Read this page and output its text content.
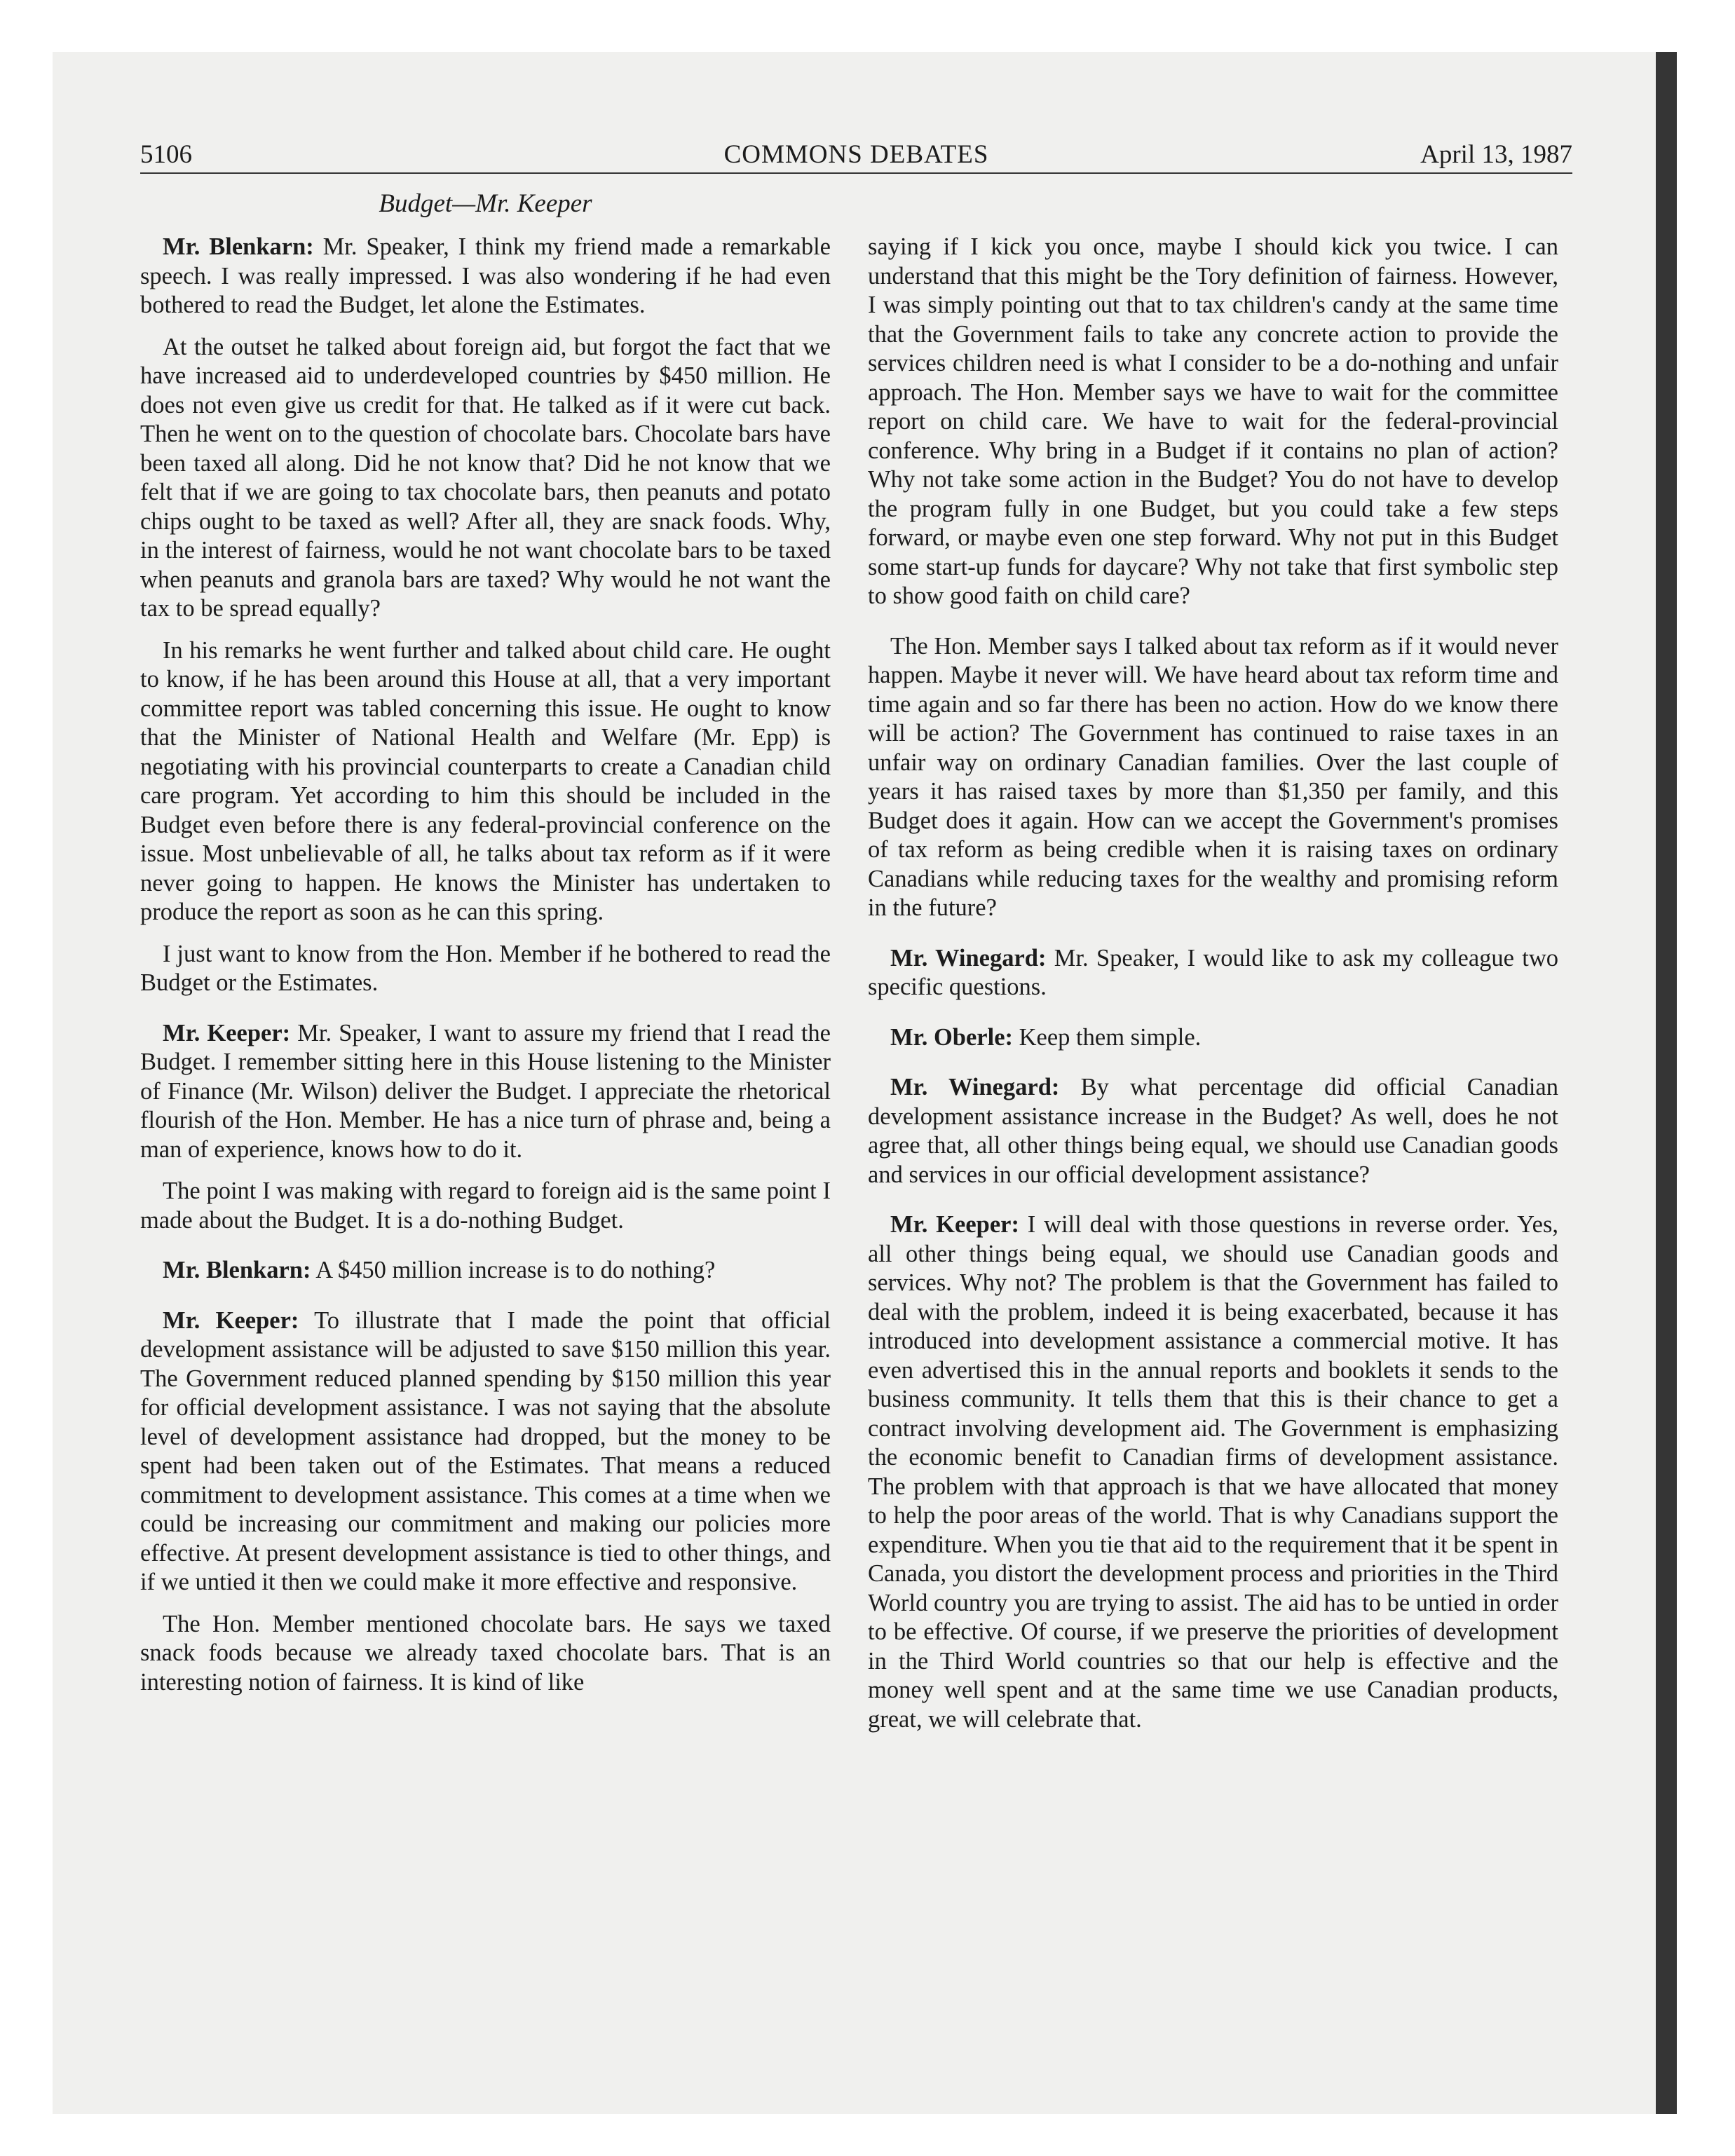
5106	COMMONS DEBATES	April 13, 1987
Budget—Mr. Keeper

Mr. Blenkarn: Mr. Speaker, I think my friend made a remarkable speech. I was really impressed. I was also wondering if he had even bothered to read the Budget, let alone the Estimates.

At the outset he talked about foreign aid, but forgot the fact that we have increased aid to underdeveloped countries by $450 million. He does not even give us credit for that. He talked as if it were cut back. Then he went on to the question of chocolate bars. Chocolate bars have been taxed all along. Did he not know that? Did he not know that we felt that if we are going to tax chocolate bars, then peanuts and potato chips ought to be taxed as well? After all, they are snack foods. Why, in the interest of fairness, would he not want chocolate bars to be taxed when peanuts and granola bars are taxed? Why would he not want the tax to be spread equally?

In his remarks he went further and talked about child care. He ought to know, if he has been around this House at all, that a very important committee report was tabled concerning this issue. He ought to know that the Minister of National Health and Welfare (Mr. Epp) is negotiating with his provincial counterparts to create a Canadian child care program. Yet according to him this should be included in the Budget even before there is any federal-provincial conference on the issue. Most unbelievable of all, he talks about tax reform as if it were never going to happen. He knows the Minister has undertaken to produce the report as soon as he can this spring.

I just want to know from the Hon. Member if he bothered to read the Budget or the Estimates.

Mr. Keeper: Mr. Speaker, I want to assure my friend that I read the Budget. I remember sitting here in this House listening to the Minister of Finance (Mr. Wilson) deliver the Budget. I appreciate the rhetorical flourish of the Hon. Member. He has a nice turn of phrase and, being a man of experience, knows how to do it.

The point I was making with regard to foreign aid is the same point I made about the Budget. It is a do-nothing Budget.

Mr. Blenkarn: A $450 million increase is to do nothing?

Mr. Keeper: To illustrate that I made the point that official development assistance will be adjusted to save $150 million this year. The Government reduced planned spending by $150 million this year for official development assistance. I was not saying that the absolute level of development assistance had dropped, but the money to be spent had been taken out of the Estimates. That means a reduced commitment to development assistance. This comes at a time when we could be increasing our commitment and making our policies more effective. At present development assistance is tied to other things, and if we untied it then we could make it more effective and responsive.

The Hon. Member mentioned chocolate bars. He says we taxed snack foods because we already taxed chocolate bars. That is an interesting notion of fairness. It is kind of like

saying if I kick you once, maybe I should kick you twice. I can understand that this might be the Tory definition of fairness. However, I was simply pointing out that to tax children's candy at the same time that the Government fails to take any concrete action to provide the services children need is what I consider to be a do-nothing and unfair approach. The Hon. Member says we have to wait for the committee report on child care. We have to wait for the federal-provincial conference. Why bring in a Budget if it contains no plan of action? Why not take some action in the Budget? You do not have to develop the program fully in one Budget, but you could take a few steps forward, or maybe even one step forward. Why not put in this Budget some start-up funds for daycare? Why not take that first symbolic step to show good faith on child care?

The Hon. Member says I talked about tax reform as if it would never happen. Maybe it never will. We have heard about tax reform time and time again and so far there has been no action. How do we know there will be action? The Government has continued to raise taxes in an unfair way on ordinary Canadian families. Over the last couple of years it has raised taxes by more than $1,350 per family, and this Budget does it again. How can we accept the Government's promises of tax reform as being credible when it is raising taxes on ordinary Canadians while reducing taxes for the wealthy and promising reform in the future?

Mr. Winegard: Mr. Speaker, I would like to ask my colleague two specific questions.

Mr. Oberle: Keep them simple.

Mr. Winegard: By what percentage did official Canadian development assistance increase in the Budget? As well, does he not agree that, all other things being equal, we should use Canadian goods and services in our official development assistance?

Mr. Keeper: I will deal with those questions in reverse order. Yes, all other things being equal, we should use Canadian goods and services. Why not? The problem is that the Government has failed to deal with the problem, indeed it is being exacerbated, because it has introduced into development assistance a commercial motive. It has even advertised this in the annual reports and booklets it sends to the business community. It tells them that this is their chance to get a contract involving development aid. The Government is emphasizing the economic benefit to Canadian firms of development assistance. The problem with that approach is that we have allocated that money to help the poor areas of the world. That is why Canadians support the expenditure. When you tie that aid to the requirement that it be spent in Canada, you distort the development process and priorities in the Third World country you are trying to assist. The aid has to be untied in order to be effective. Of course, if we preserve the priorities of development in the Third World countries so that our help is effective and the money well spent and at the same time we use Canadian products, great, we will celebrate that.
